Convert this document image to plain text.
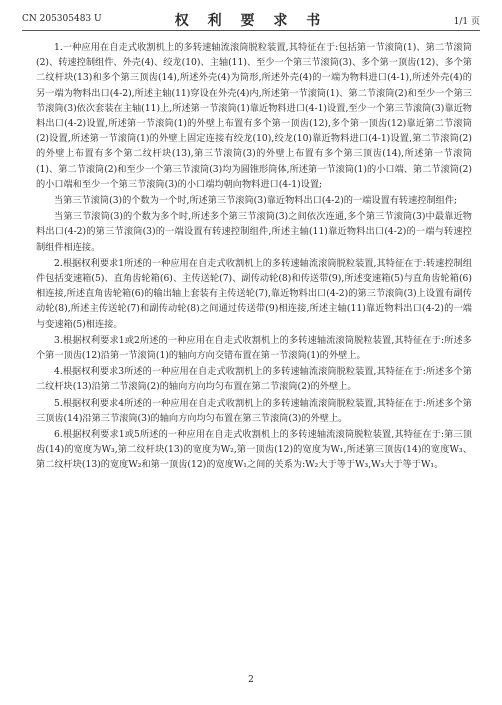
CN 205305483 U	权 利 要 求 书	1/1 页

1.一种应用在自走式收割机上的多转速轴流滚筒脱粒装置,其特征在于:包括第一节滚筒(1)、第二节滚筒(2)、转速控制组件、外壳(4)、绞龙(10)、主轴(11)、至少一个第三节滚筒(3)、多个第一顶齿(12)、多个第二纹杆块(13)和多个第三顶齿(14),所述外壳(4)为筒形,所述外壳(4)的一端为物料进口(4-1),所述外壳(4)的另一端为物料出口(4-2),所述主轴(11)穿设在外壳(4)内,所述第一节滚筒(1)、第二节滚筒(2)和至少一个第三节滚筒(3)依次套装在主轴(11)上,所述第一节滚筒(1)靠近物料进口(4-1)设置,至少一个第三节滚筒(3)靠近物料出口(4-2)设置,所述第一节滚筒(1)的外壁上布置有多个第一顶齿(12),多个第一顶齿(12)靠近第二节滚筒(2)设置,所述第一节滚筒(1)的外壁上固定连接有绞龙(10),绞龙(10)靠近物料进口(4-1)设置,第二节滚筒(2)的外壁上布置有多个第二纹杆块(13),第三节滚筒(3)的外壁上布置有多个第三顶齿(14),所述第一节滚筒(1)、第二节滚筒(2)和至少一个第三节滚筒(3)均为圆锥形筒体,所述第一节滚筒(1)的小口端、第二节滚筒(2)的小口端和至少一个第三节滚筒(3)的小口端均朝向物料进口(4-1)设置;

当第三节滚筒(3)的个数为一个时,所述第三节滚筒(3)靠近物料出口(4-2)的一端设置有转速控制组件;

当第三节滚筒(3)的个数为多个时,所述多个第三节滚筒(3)之间依次连通,多个第三节滚筒(3)中最靠近物料出口(4-2)的第三节滚筒(3)的一端设置有转速控制组件,所述主轴(11)靠近物料出口(4-2)的一端与转速控制组件相连接。

2.根据权利要求1所述的一种应用在自走式收割机上的多转速轴流滚筒脱粒装置,其特征在于:转速控制组件包括变速箱(5)、直角齿轮箱(6)、主传送轮(7)、副传动轮(8)和传送带(9),所述变速箱(5)与直角齿轮箱(6)相连接,所述直角齿轮箱(6)的输出轴上套装有主传送轮(7),靠近物料出口(4-2)的第三节滚筒(3)上设置有副传动轮(8),所述主传送轮(7)和副传动轮(8)之间通过传送带(9)相连接,所述主轴(11)靠近物料出口(4-2)的一端与变速箱(5)相连接。

3.根据权利要求1或2所述的一种应用在自走式收割机上的多转速轴流滚筒脱粒装置,其特征在于:所述多个第一顶齿(12)沿第一节滚筒(1)的轴向方向交错布置在第一节滚筒(1)的外壁上。

4.根据权利要求3所述的一种应用在自走式收割机上的多转速轴流滚筒脱粒装置,其特征在于:所述多个第二纹杆块(13)沿第二节滚筒(2)的轴向方向均匀布置在第二节滚筒(2)的外壁上。

5.根据权利要求4所述的一种应用在自走式收割机上的多转速轴流滚筒脱粒装置,其特征在于:所述多个第三顶齿(14)沿第三节滚筒(3)的轴向方向均匀布置在第三节滚筒(3)的外壁上。

6.根据权利要求1或5所述的一种应用在自走式收割机上的多转速轴流滚筒脱粒装置,其特征在于:第三顶齿(14)的宽度为W₃,第二纹杆块(13)的宽度为W₂,第一顶齿(12)的宽度为W₁,所述第三顶齿(14)的宽度W₃、第二纹杆块(13)的宽度W₂和第一顶齿(12)的宽度W₁之间的关系为:W₂大于等于W₃,W₃大于等于W₁。

2
